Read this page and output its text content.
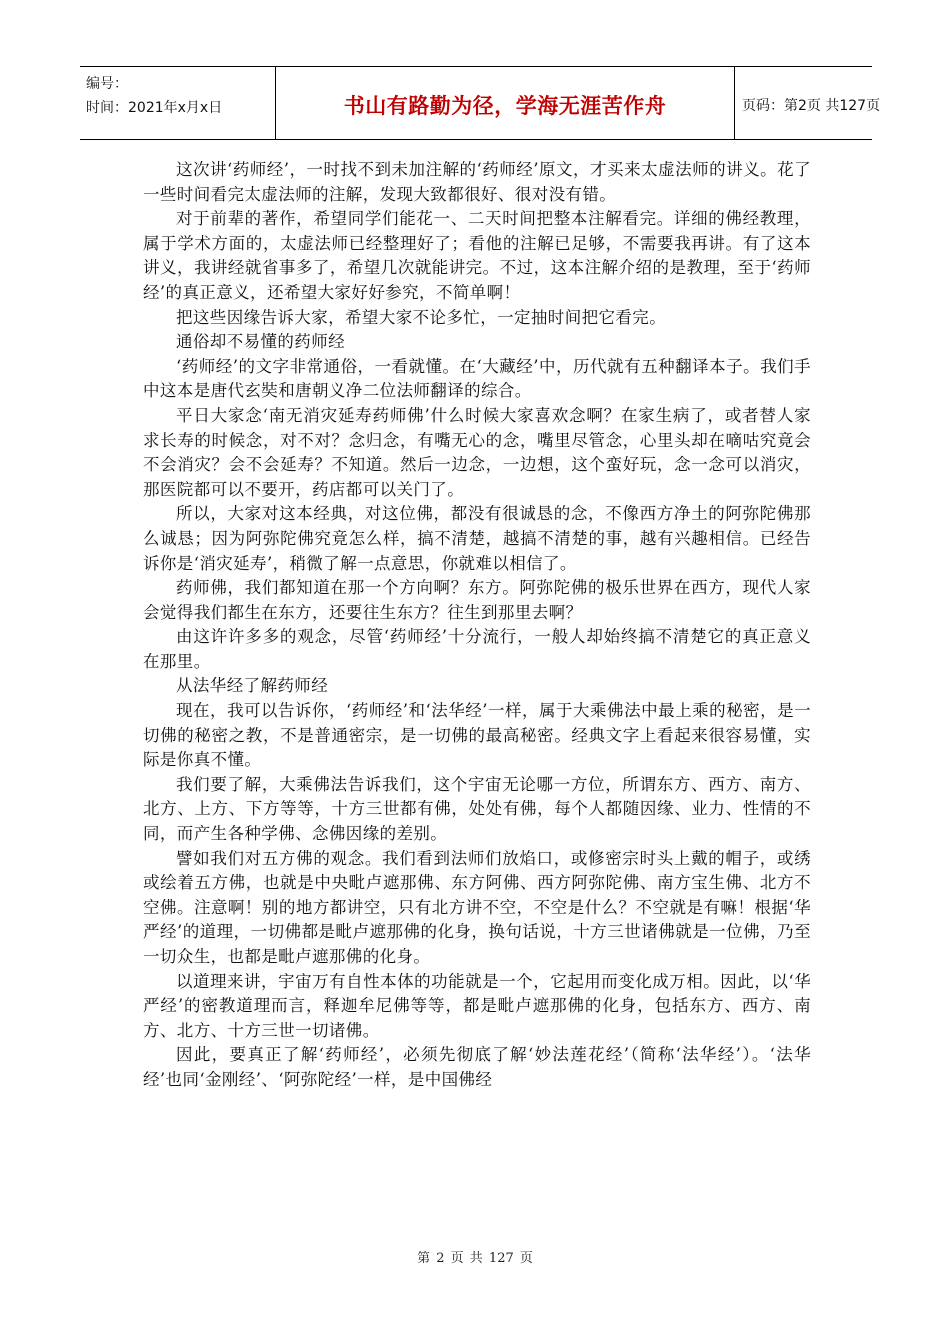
编号：
时间：2021年x月x日	书山有路勤为径，学海无涯苦作舟	页码：第2页 共127页

这次讲‘药师经’，一时找不到未加注解的‘药师经’原文，才买来太虚法师的讲义。花了一些时间看完太虚法师的注解，发现大致都很好、很对没有错。

对于前辈的著作，希望同学们能花一、二天时间把整本注解看完。详细的佛经教理，属于学术方面的，太虚法师已经整理好了；看他的注解已足够，不需要我再讲。有了这本讲义，我讲经就省事多了，希望几次就能讲完。不过，这本注解介绍的是教理，至于‘药师经’的真正意义，还希望大家好好参究，不简单啊！

把这些因缘告诉大家，希望大家不论多忙，一定抽时间把它看完。

通俗却不易懂的药师经

‘药师经’的文字非常通俗，一看就懂。在‘大藏经’中，历代就有五种翻译本子。我们手中这本是唐代玄奘和唐朝义净二位法师翻译的综合。

平日大家念‘南无消灾延寿药师佛’什么时候大家喜欢念啊？在家生病了，或者替人家求长寿的时候念，对不对？念归念，有嘴无心的念，嘴里尽管念，心里头却在嘀咕究竟会不会消灾？会不会延寿？不知道。然后一边念，一边想，这个蛮好玩，念一念可以消灾，那医院都可以不要开，药店都可以关门了。

所以，大家对这本经典，对这位佛，都没有很诚恳的念，不像西方净土的阿弥陀佛那么诚恳；因为阿弥陀佛究竟怎么样，搞不清楚，越搞不清楚的事，越有兴趣相信。已经告诉你是‘消灾延寿’，稍微了解一点意思，你就难以相信了。

药师佛，我们都知道在那一个方向啊？东方。阿弥陀佛的极乐世界在西方，现代人家会觉得我们都生在东方，还要往生东方？往生到那里去啊？

由这许许多多的观念，尽管‘药师经’十分流行，一般人却始终搞不清楚它的真正意义在那里。

从法华经了解药师经

现在，我可以告诉你，‘药师经’和‘法华经’一样，属于大乘佛法中最上乘的秘密，是一切佛的秘密之教，不是普通密宗，是一切佛的最高秘密。经典文字上看起来很容易懂，实际是你真不懂。

我们要了解，大乘佛法告诉我们，这个宇宙无论哪一方位，所谓东方、西方、南方、北方、上方、下方等等，十方三世都有佛，处处有佛，每个人都随因缘、业力、性情的不同，而产生各种学佛、念佛因缘的差别。

譬如我们对五方佛的观念。我们看到法师们放焰口，或修密宗时头上戴的帽子，或绣或绘着五方佛，也就是中央毗卢遮那佛、东方阿佛、西方阿弥陀佛、南方宝生佛、北方不空佛。注意啊！别的地方都讲空，只有北方讲不空，不空是什么？不空就是有嘛！根据‘华严经’的道理，一切佛都是毗卢遮那佛的化身，换句话说，十方三世诸佛就是一位佛，乃至一切众生，也都是毗卢遮那佛的化身。

以道理来讲，宇宙万有自性本体的功能就是一个，它起用而变化成万相。因此，以‘华严经’的密教道理而言，释迦牟尼佛等等，都是毗卢遮那佛的化身，包括东方、西方、南方、北方、十方三世一切诸佛。

因此，要真正了解‘药师经’，必须先彻底了解‘妙法莲花经’（简称‘法华经’）。‘法华经’也同‘金刚经’、‘阿弥陀经’一样，是中国佛经

第 2 页 共 127 页
